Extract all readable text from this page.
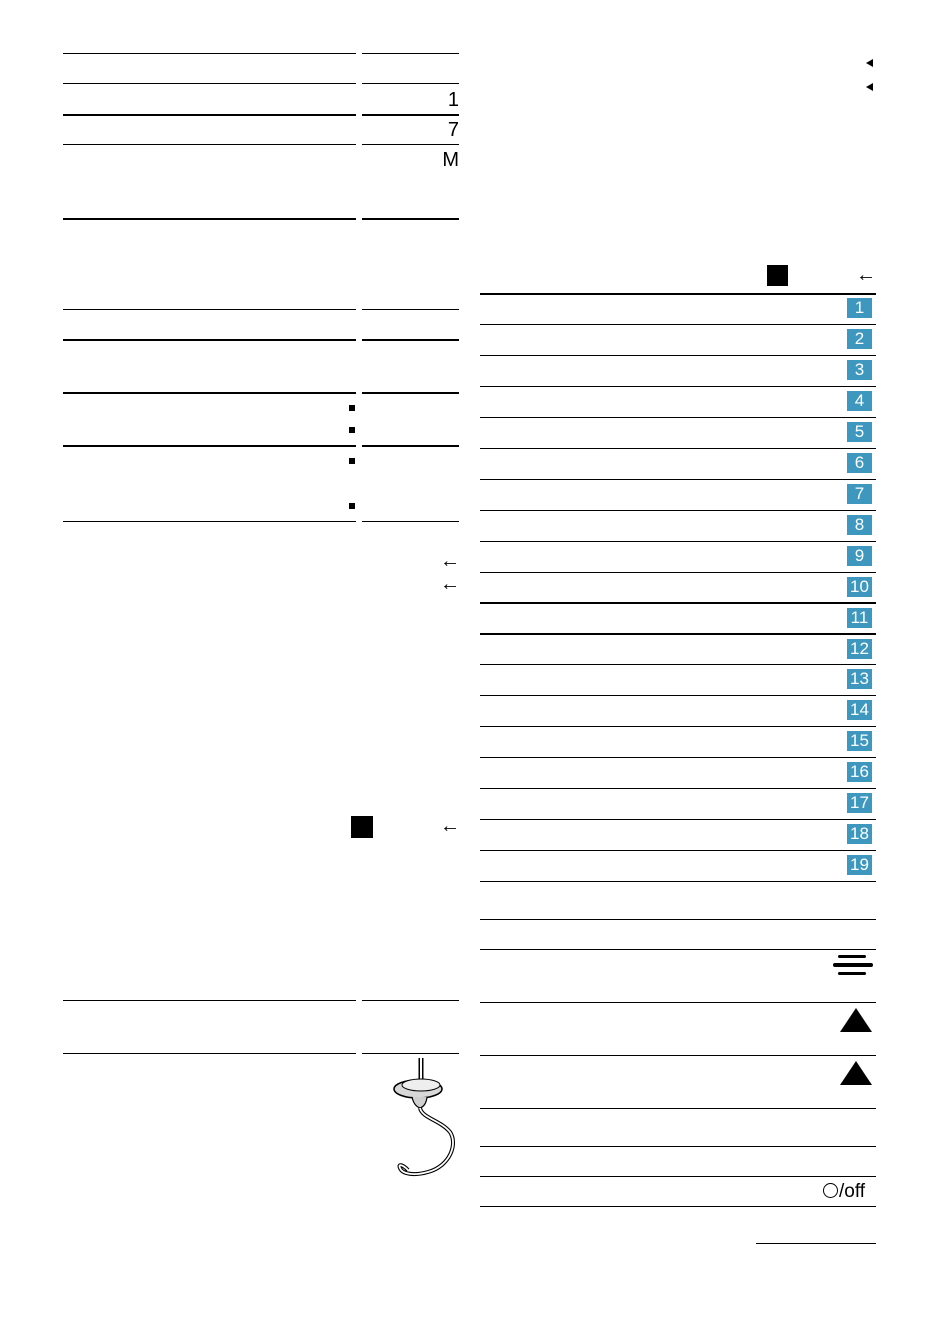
1
7
M
←
←
←
←
1
2
3
4
5
6
7
8
9
10
11
12
13
14
15
16
17
18
19
/off
